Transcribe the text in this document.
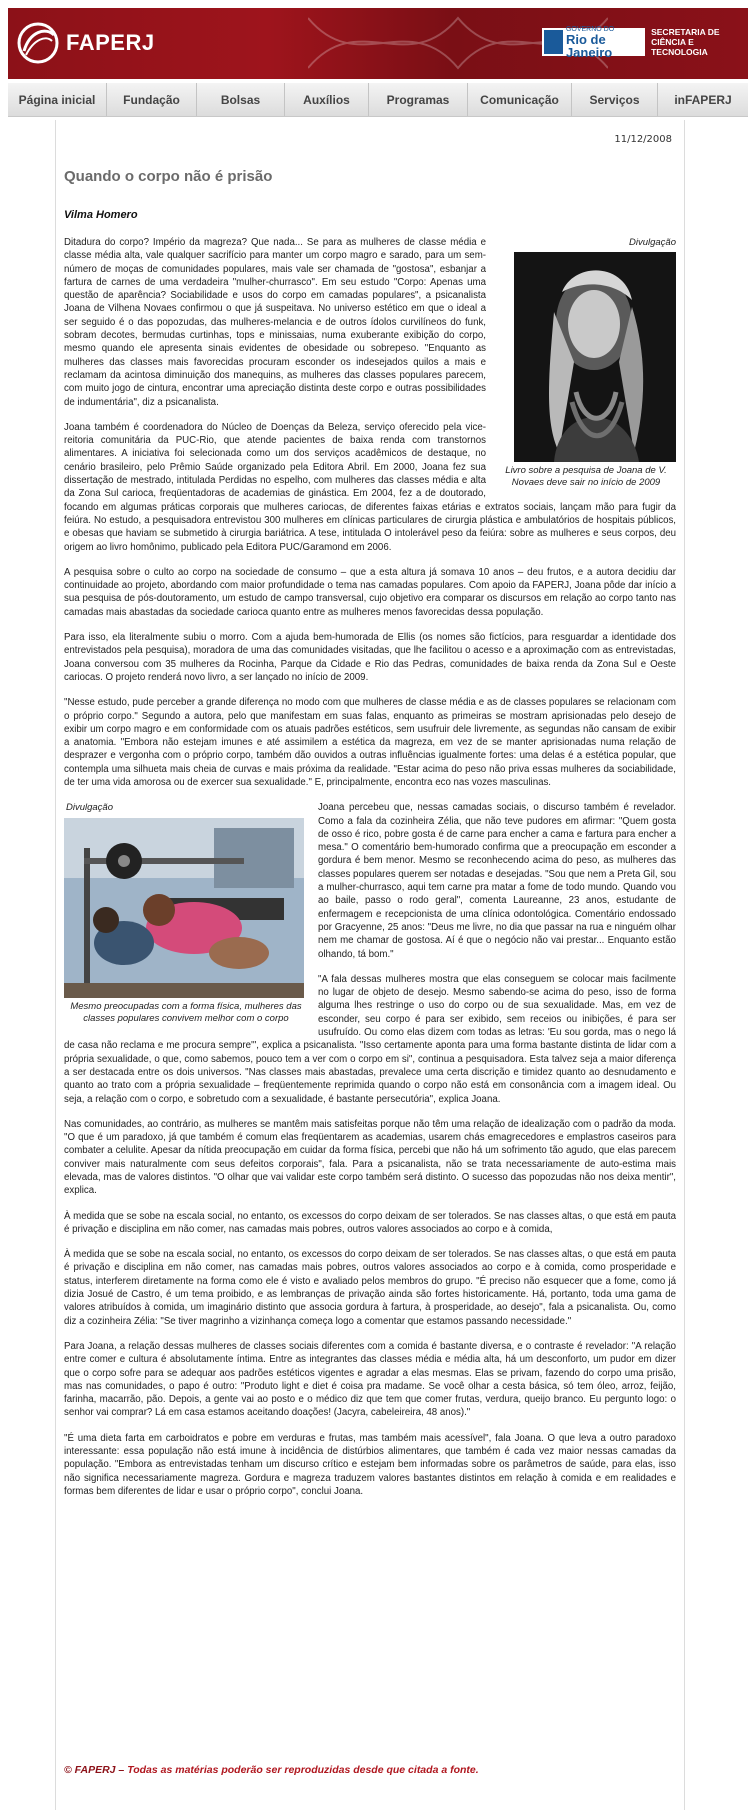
FAPERJ
GOVERNO DO
Rio de Janeiro
SECRETARIA DE
CIÊNCIA E TECNOLOGIA
Página inicial	Fundação	Bolsas	Auxílios	Programas	Comunicação	Serviços	inFAPERJ
11/12/2008
Quando o corpo não é prisão
Vilma Homero
Divulgação
Livro sobre a pesquisa de Joana de V. Novaes deve sair no início de 2009

Ditadura do corpo? Império da magreza? Que nada... Se para as mulheres de classe média e classe média alta, vale qualquer sacrifício para manter um corpo magro e sarado, para um sem-número de moças de comunidades populares, mais vale ser chamada de "gostosa", esbanjar a fartura de carnes de uma verdadeira "mulher-churrasco". Em seu estudo "Corpo: Apenas uma questão de aparência? Sociabilidade e usos do corpo em camadas populares", a psicanalista Joana de Vilhena Novaes confirmou o que já suspeitava. No universo estético em que o ideal a ser seguido é o das popozudas, das mulheres-melancia e de outros ídolos curvilíneos do funk, sobram decotes, bermudas curtinhas, tops e minissaias, numa exuberante exibição do corpo, mesmo quando ele apresenta sinais evidentes de obesidade ou sobrepeso. "Enquanto as mulheres das classes mais favorecidas procuram esconder os indesejados quilos a mais e reclamam da acintosa diminuição dos manequins, as mulheres das classes populares parecem, com muito jogo de cintura, encontrar uma apreciação distinta deste corpo e outras possibilidades de indumentária", diz a psicanalista.

Joana também é coordenadora do Núcleo de Doenças da Beleza, serviço oferecido pela vice-reitoria comunitária da PUC-Rio, que atende pacientes de baixa renda com transtornos alimentares. A iniciativa foi selecionada como um dos serviços acadêmicos de destaque, no cenário brasileiro, pelo Prêmio Saúde organizado pela Editora Abril. Em 2000, Joana fez sua dissertação de mestrado, intitulada Perdidas no espelho, com mulheres das classes média e alta da Zona Sul carioca, freqüentadoras de academias de ginástica. Em 2004, fez a de doutorado, focando em algumas práticas corporais que mulheres cariocas, de diferentes faixas etárias e extratos sociais, lançam mão para fugir da feiúra. No estudo, a pesquisadora entrevistou 300 mulheres em clínicas particulares de cirurgia plástica e ambulatórios de hospitais públicos, e obesas que haviam se submetido à cirurgia bariátrica. A tese, intitulada O intolerável peso da feiúra: sobre as mulheres e seus corpos, deu origem ao livro homônimo, publicado pela Editora PUC/Garamond em 2006.

A pesquisa sobre o culto ao corpo na sociedade de consumo – que a esta altura já somava 10 anos – deu frutos, e a autora decidiu dar continuidade ao projeto, abordando com maior profundidade o tema nas camadas populares. Com apoio da FAPERJ, Joana pôde dar início a sua pesquisa de pós-doutoramento, um estudo de campo transversal, cujo objetivo era comparar os discursos em relação ao corpo tanto nas camadas mais abastadas da sociedade carioca quanto entre as mulheres menos favorecidas dessa população.

Para isso, ela literalmente subiu o morro. Com a ajuda bem-humorada de Ellis (os nomes são fictícios, para resguardar a identidade dos entrevistados pela pesquisa), moradora de uma das comunidades visitadas, que lhe facilitou o acesso e a aproximação com as entrevistadas, Joana conversou com 35 mulheres da Rocinha, Parque da Cidade e Rio das Pedras, comunidades de baixa renda da Zona Sul e Oeste cariocas. O projeto renderá novo livro, a ser lançado no início de 2009.

"Nesse estudo, pude perceber a grande diferença no modo com que mulheres de classe média e as de classes populares se relacionam com o próprio corpo." Segundo a autora, pelo que manifestam em suas falas, enquanto as primeiras se mostram aprisionadas pelo desejo de exibir um corpo magro e em conformidade com os atuais padrões estéticos, sem usufruir dele livremente, as segundas não cansam de exibir a anatomia. "Embora não estejam imunes e até assimilem a estética da magreza, em vez de se manter aprisionadas numa relação de desprazer e vergonha com o próprio corpo, também dão ouvidos a outras influências igualmente fortes: uma delas é a estética popular, que contempla uma silhueta mais cheia de curvas e mais próxima da realidade. "Estar acima do peso não priva essas mulheres da sociabilidade, de ter uma vida amorosa ou de exercer sua sexualidade." E, principalmente, encontra eco nas vozes masculinas.

Divulgação
Mesmo preocupadas com a forma física, mulheres das classes populares convivem melhor com o corpo

Joana percebeu que, nessas camadas sociais, o discurso também é revelador. Como a fala da cozinheira Zélia, que não teve pudores em afirmar: "Quem gosta de osso é rico, pobre gosta é de carne para encher a cama e fartura para encher a mesa." O comentário bem-humorado confirma que a preocupação em esconder a gordura é bem menor. Mesmo se reconhecendo acima do peso, as mulheres das classes populares querem ser notadas e desejadas. "Sou que nem a Preta Gil, sou a mulher-churrasco, aqui tem carne pra matar a fome de todo mundo. Quando vou ao baile, passo o rodo geral", comenta Laureanne, 23 anos, estudante de enfermagem e recepcionista de uma clínica odontológica. Comentário endossado por Gracyenne, 25 anos: "Deus me livre, no dia que passar na rua e ninguém olhar nem me chamar de gostosa. Aí é que o negócio não vai prestar... Enquanto estão olhando, tá bom."

"A fala dessas mulheres mostra que elas conseguem se colocar mais facilmente no lugar de objeto de desejo. Mesmo sabendo-se acima do peso, isso de forma alguma lhes restringe o uso do corpo ou de sua sexualidade. Mas, em vez de esconder, seu corpo é para ser exibido, sem receios ou inibições, é para ser usufruído. Ou como elas dizem com todas as letras: 'Eu sou gorda, mas o nego lá de casa não reclama e me procura sempre'", explica a psicanalista. "Isso certamente aponta para uma forma bastante distinta de lidar com a própria sexualidade, o que, como sabemos, pouco tem a ver com o corpo em si", continua a pesquisadora. Esta talvez seja a maior diferença a ser destacada entre os dois universos. "Nas classes mais abastadas, prevalece uma certa discrição e timidez quanto ao desnudamento e quanto ao trato com a própria sexualidade – freqüentemente reprimida quando o corpo não está em consonância com a imagem ideal. Ou seja, a relação com o corpo, e sobretudo com a sexualidade, é bastante persecutória", explica Joana.

Nas comunidades, ao contrário, as mulheres se mantêm mais satisfeitas porque não têm uma relação de idealização com o padrão da moda. "O que é um paradoxo, já que também é comum elas freqüentarem as academias, usarem chás emagrecedores e emplastros caseiros para combater a celulite. Apesar da nítida preocupação em cuidar da forma física, percebi que não há um sofrimento tão agudo, que elas parecem conviver mais naturalmente com seus defeitos corporais", fala. Para a psicanalista, não se trata necessariamente de auto-estima mais elevada, mas de valores distintos. "O olhar que vai validar este corpo também será distinto. O sucesso das popozudas não nos deixa mentir", explica.

À medida que se sobe na escala social, no entanto, os excessos do corpo deixam de ser tolerados. Se nas classes altas, o que está em pauta é privação e disciplina em não comer, nas camadas mais pobres, outros valores associados ao corpo e à comida,

À medida que se sobe na escala social, no entanto, os excessos do corpo deixam de ser tolerados. Se nas classes altas, o que está em pauta é privação e disciplina em não comer, nas camadas mais pobres, outros valores associados ao corpo e à comida, como prosperidade e status, interferem diretamente na forma como ele é visto e avaliado pelos membros do grupo. "É preciso não esquecer que a fome, como já dizia Josué de Castro, é um tema proibido, e as lembranças de privação ainda são fortes historicamente. Há, portanto, toda uma gama de valores atribuídos à comida, um imaginário distinto que associa gordura à fartura, à prosperidade, ao desejo", fala a psicanalista. Ou, como diz a cozinheira Zélia: "Se tiver magrinho a vizinhança começa logo a comentar que estamos passando necessidade."

Para Joana, a relação dessas mulheres de classes sociais diferentes com a comida é bastante diversa, e o contraste é revelador: "A relação entre comer e cultura é absolutamente íntima. Entre as integrantes das classes média e média alta, há um desconforto, um pudor em dizer que o corpo sofre para se adequar aos padrões estéticos vigentes e agradar a elas mesmas. Elas se privam, fazendo do corpo uma prisão, mas nas comunidades, o papo é outro: "Produto light e diet é coisa pra madame. Se você olhar a cesta básica, só tem óleo, arroz, feijão, farinha, macarrão, pão. Depois, a gente vai ao posto e o médico diz que tem que comer frutas, verdura, queijo branco. Eu pergunto logo: o senhor vai comprar? Lá em casa estamos aceitando doações! (Jacyra, cabeleireira, 48 anos)."

"É uma dieta farta em carboidratos e pobre em verduras e frutas, mas também mais acessível", fala Joana. O que leva a outro paradoxo interessante: essa população não está imune à incidência de distúrbios alimentares, que também é cada vez maior nessas camadas da população. "Embora as entrevistadas tenham um discurso crítico e estejam bem informadas sobre os parâmetros de saúde, para elas, isso não significa necessariamente magreza. Gordura e magreza traduzem valores bastantes distintos em relação à comida e em realidades e formas bem diferentes de lidar e usar o próprio corpo", conclui Joana.

© FAPERJ – Todas as matérias poderão ser reproduzidas desde que citada a fonte.
